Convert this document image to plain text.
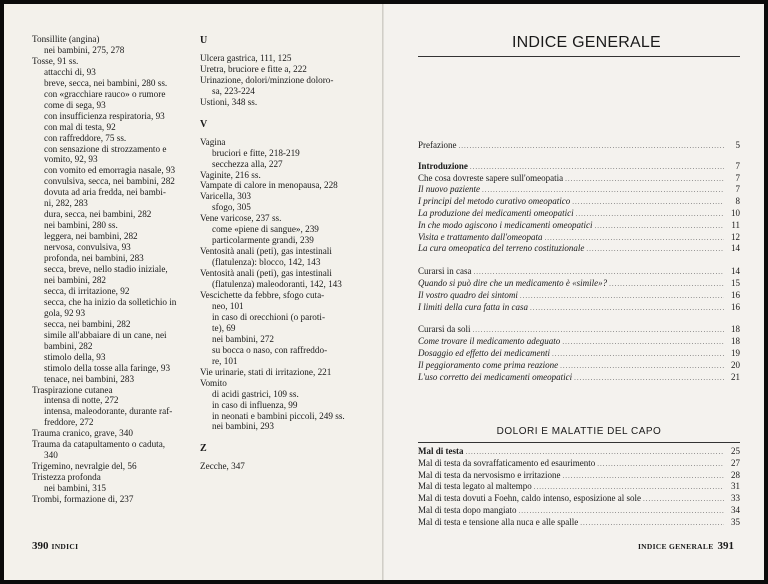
Tonsillite (angina)
nei bambini, 275, 278
Tosse, 91 ss.
attacchi di, 93
breve, secca, nei bambini, 280 ss.
con «gracchiare rauco» o rumore
come di sega, 93
con insufficienza respiratoria, 93
con mal di testa, 92
con raffreddore, 75 ss.
con sensazione di strozzamento e
vomito, 92, 93
con vomito ed emorragia nasale, 93
convulsiva, secca, nei bambini, 282
dovuta ad aria fredda, nei bambi-
ni, 282, 283
dura, secca, nei bambini, 282
nei bambini, 280 ss.
leggera, nei bambini, 282
nervosa, convulsiva, 93
profonda, nei bambini, 283
secca, breve, nello stadio iniziale,
nei bambini, 282
secca, di irritazione, 92
secca, che ha inizio da solletichio in
gola, 92 93
secca, nei bambini, 282
simile all'abbaiare di un cane, nei
bambini, 282
stimolo della, 93
stimolo della tosse alla faringe, 93
tenace, nei bambini, 283
Traspirazione cutanea
intensa di notte, 272
intensa, maleodorante, durante raf-
freddore, 272
Trauma cranico, grave, 340
Trauma da catapultamento o caduta,
340
Trigemino, nevralgie del, 56
Tristezza profonda
nei bambini, 315
Trombi, formazione di, 237
U
Ulcera gastrica, 111, 125
Uretra, bruciore e fitte a, 222
Urinazione, dolori/minzione doloro-
sa, 223-224
Ustioni, 348 ss.
V
Vagina
bruciori e fitte, 218-219
secchezza alla, 227
Vaginite, 216 ss.
Vampate di calore in menopausa, 228
Varicella, 303
sfogo, 305
Vene varicose, 237 ss.
come «piene di sangue», 239
particolarmente grandi, 239
Ventosità anali (peti), gas intestinali
(flatulenza): blocco, 142, 143
Ventosità anali (peti), gas intestinali
(flatulenza) maleodoranti, 142, 143
Vescichette da febbre, sfogo cuta-
neo, 101
in caso di orecchioni (o paroti-
te), 69
nei bambini, 272
su bocca o naso, con raffreddo-
re, 101
Vie urinarie, stati di irritazione, 221
Vomito
di acidi gastrici, 109 ss.
in caso di influenza, 99
in neonati e bambini piccoli, 249 ss.
nei bambini, 293
Z
Zecche, 347
390 INDICI
INDICE GENERALE
Prefazione .....	5
Introduzione .....	7
Che cosa dovreste sapere sull'omeopatia .....	7
Il nuovo paziente .....	7
I principi del metodo curativo omeopatico .....	8
La produzione dei medicamenti omeopatici .....	10
In che modo agiscono i medicamenti omeopatici .....	11
Visita e trattamento dall'omeopata .....	12
La cura omeopatica del terreno costituzionale .....	14
Curarsi in casa .....	14
Quando si può dire che un medicamento è «simile»? .....	15
Il vostro quadro dei sintomi .....	16
I limiti della cura fatta in casa .....	16
Curarsi da soli .....	18
Come trovare il medicamento adeguato .....	18
Dosaggio ed effetto dei medicamenti .....	19
Il peggioramento come prima reazione .....	20
L'uso corretto dei medicamenti omeopatici .....	21
DOLORI E MALATTIE DEL CAPO
Mal di testa .....	25
Mal di testa da sovraffaticamento ed esaurimento .....	27
Mal di testa da nervosismo e irritazione .....	28
Mal di testa legato al maltempo .....	31
Mal di testa dovuti a Foehn, caldo intenso, esposizione al sole .....	33
Mal di testa dopo mangiato .....	34
Mal di testa e tensione alla nuca e alle spalle .....	35
INDICE GENERALE 391
